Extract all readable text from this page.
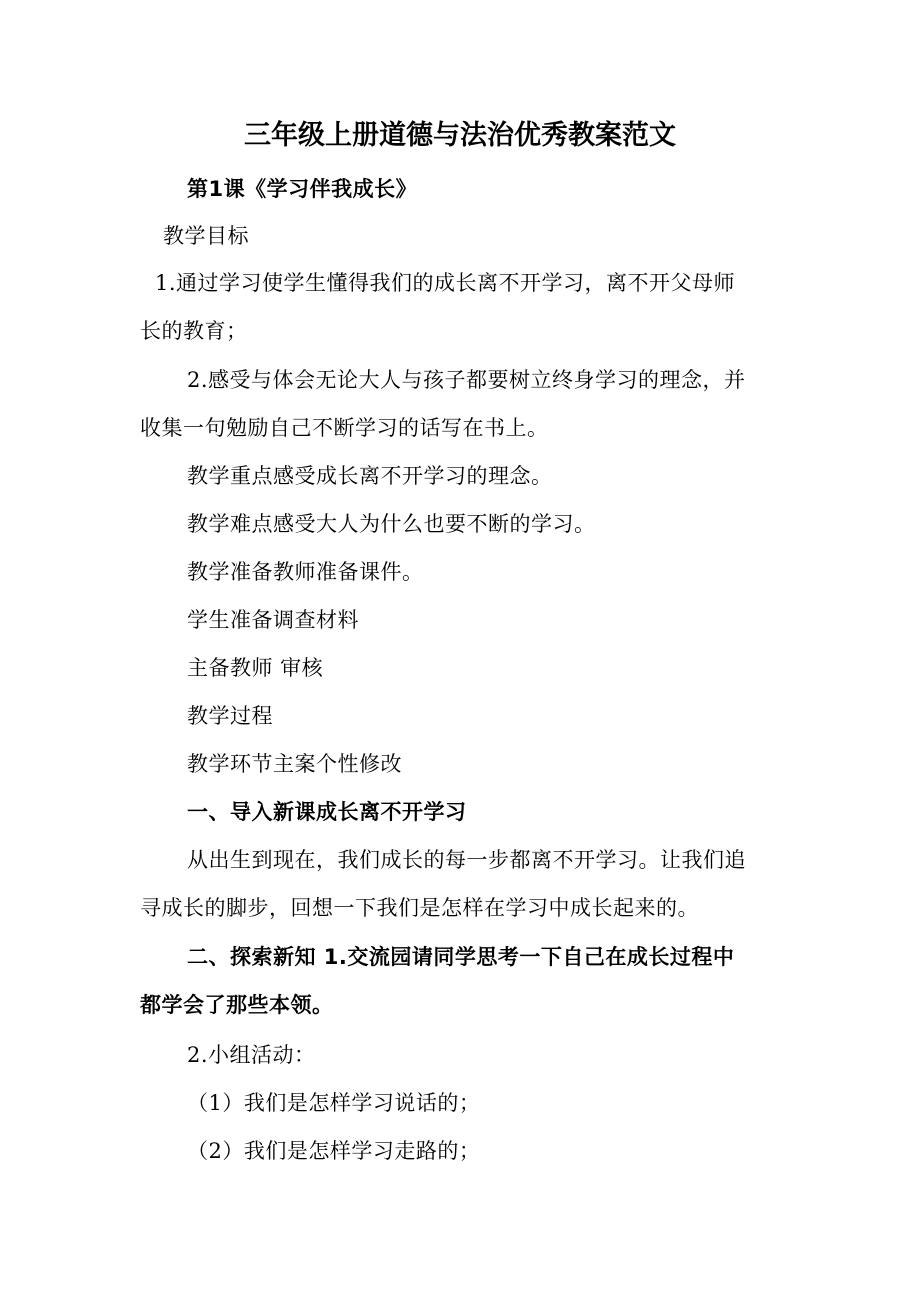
三年级上册道德与法治优秀教案范文
第1课《学习伴我成长》
教学目标
1.通过学习使学生懂得我们的成长离不开学习，离不开父母师
长的教育；
2.感受与体会无论大人与孩子都要树立终身学习的理念，并
收集一句勉励自己不断学习的话写在书上。
教学重点感受成长离不开学习的理念。
教学难点感受大人为什么也要不断的学习。
教学准备教师准备课件。
学生准备调查材料
主备教师 审核
教学过程
教学环节主案个性修改
一、导入新课成长离不开学习
从出生到现在，我们成长的每一步都离不开学习。让我们追
寻成长的脚步，回想一下我们是怎样在学习中成长起来的。
二、探索新知 1.交流园请同学思考一下自己在成长过程中
都学会了那些本领。
2.小组活动：
（1）我们是怎样学习说话的；
（2）我们是怎样学习走路的；
